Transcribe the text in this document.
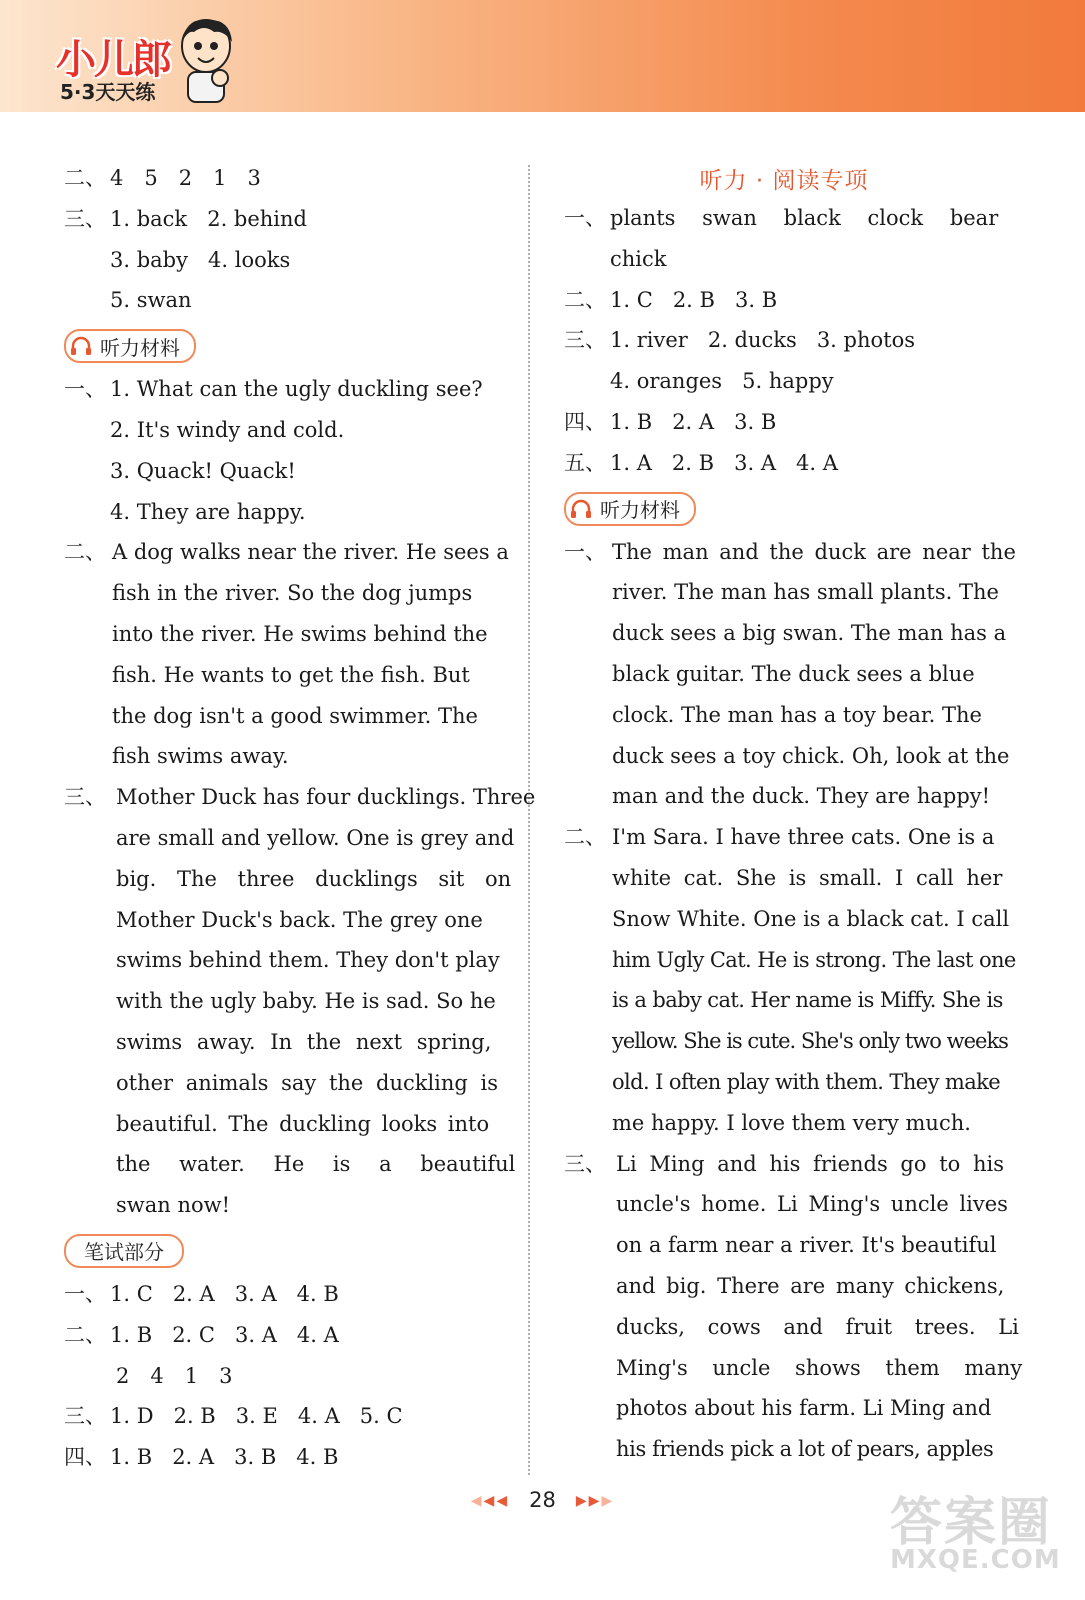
小儿郎
5·3天天练
二、 4　5　2　1　3
三、 1. back 2. behind
3. baby 4. looks
5. swan
听力材料
一、 1. What can the ugly duckling see?
2. It's windy and cold.
3. Quack! Quack!
4. They are happy.
二、 A dog walks near the river. He sees a
fish in the river. So the dog jumps
into the river. He swims behind the
fish. He wants to get the fish. But
the dog isn't a good swimmer. The
fish swims away.
三、 Mother Duck has four ducklings. Three
are small and yellow. One is grey and
big. The three ducklings sit on
Mother Duck's back. The grey one
swims behind them. They don't play
with the ugly baby. He is sad. So he
swims away. In the next spring,
other animals say the duckling is
beautiful. The duckling looks into
the water. He is a beautiful
swan now!
笔试部分
一、 1. C 2. A 3. A 4. B
二、 1. B 2. C 3. A 4. A
2　4　1　3
三、 1. D 2. B 3. E 4. A 5. C
四、 1. B 2. A 3. B 4. B
听力 · 阅读专项
一、 plants swan black clock bear
chick
二、 1. C 2. B 3. B
三、 1. river 2. ducks 3. photos
4. oranges 5. happy
四、 1. B 2. A 3. B
五、 1. A 2. B 3. A 4. A
听力材料
一、 The man and the duck are near the
river. The man has small plants. The
duck sees a big swan. The man has a
black guitar. The duck sees a blue
clock. The man has a toy bear. The
duck sees a toy chick. Oh, look at the
man and the duck. They are happy!
二、 I'm Sara. I have three cats. One is a
white cat. She is small. I call her
Snow White. One is a black cat. I call
him Ugly Cat. He is strong. The last one
is a baby cat. Her name is Miffy. She is
yellow. She is cute. She's only two weeks
old. I often play with them. They make
me happy. I love them very much.
三、 Li Ming and his friends go to his
uncle's home. Li Ming's uncle lives
on a farm near a river. It's beautiful
and big. There are many chickens,
ducks, cows and fruit trees. Li
Ming's uncle shows them many
photos about his farm. Li Ming and
his friends pick a lot of pears, apples
◀◀◀ 28 ▶▶▶	答案圈
MXQE.COM
